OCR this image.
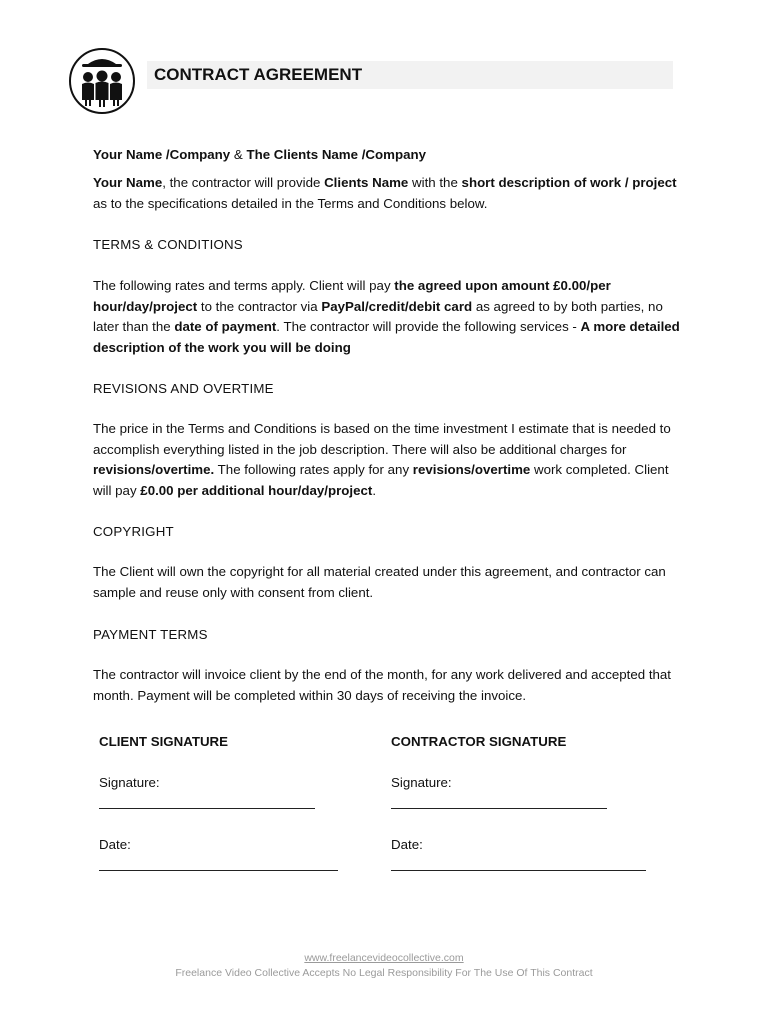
CONTRACT AGREEMENT
Your Name /Company & The Clients Name /Company
Your Name, the contractor will provide Clients Name with the short description of work / project as to the specifications detailed in the Terms and Conditions below.
TERMS & CONDITIONS
The following rates and terms apply. Client will pay the agreed upon amount £0.00/per hour/day/project to the contractor via PayPal/credit/debit card as agreed to by both parties, no later than the date of payment. The contractor will provide the following services - A more detailed description of the work you will be doing
REVISIONS AND OVERTIME
The price in the Terms and Conditions is based on the time investment I estimate that is needed to accomplish everything listed in the job description. There will also be additional charges for revisions/overtime. The following rates apply for any revisions/overtime work completed. Client will pay £0.00 per additional hour/day/project.
COPYRIGHT
The Client will own the copyright for all material created under this agreement, and contractor can sample and reuse only with consent from client.
PAYMENT TERMS
The contractor will invoice client by the end of the month, for any work delivered and accepted that month. Payment will be completed within 30 days of receiving the invoice.
CLIENT SIGNATURE
Signature:
Date:
CONTRACTOR SIGNATURE
Signature:
Date:
www.freelancevideocollective.com
Freelance Video Collective Accepts No Legal Responsibility For The Use Of This Contract
